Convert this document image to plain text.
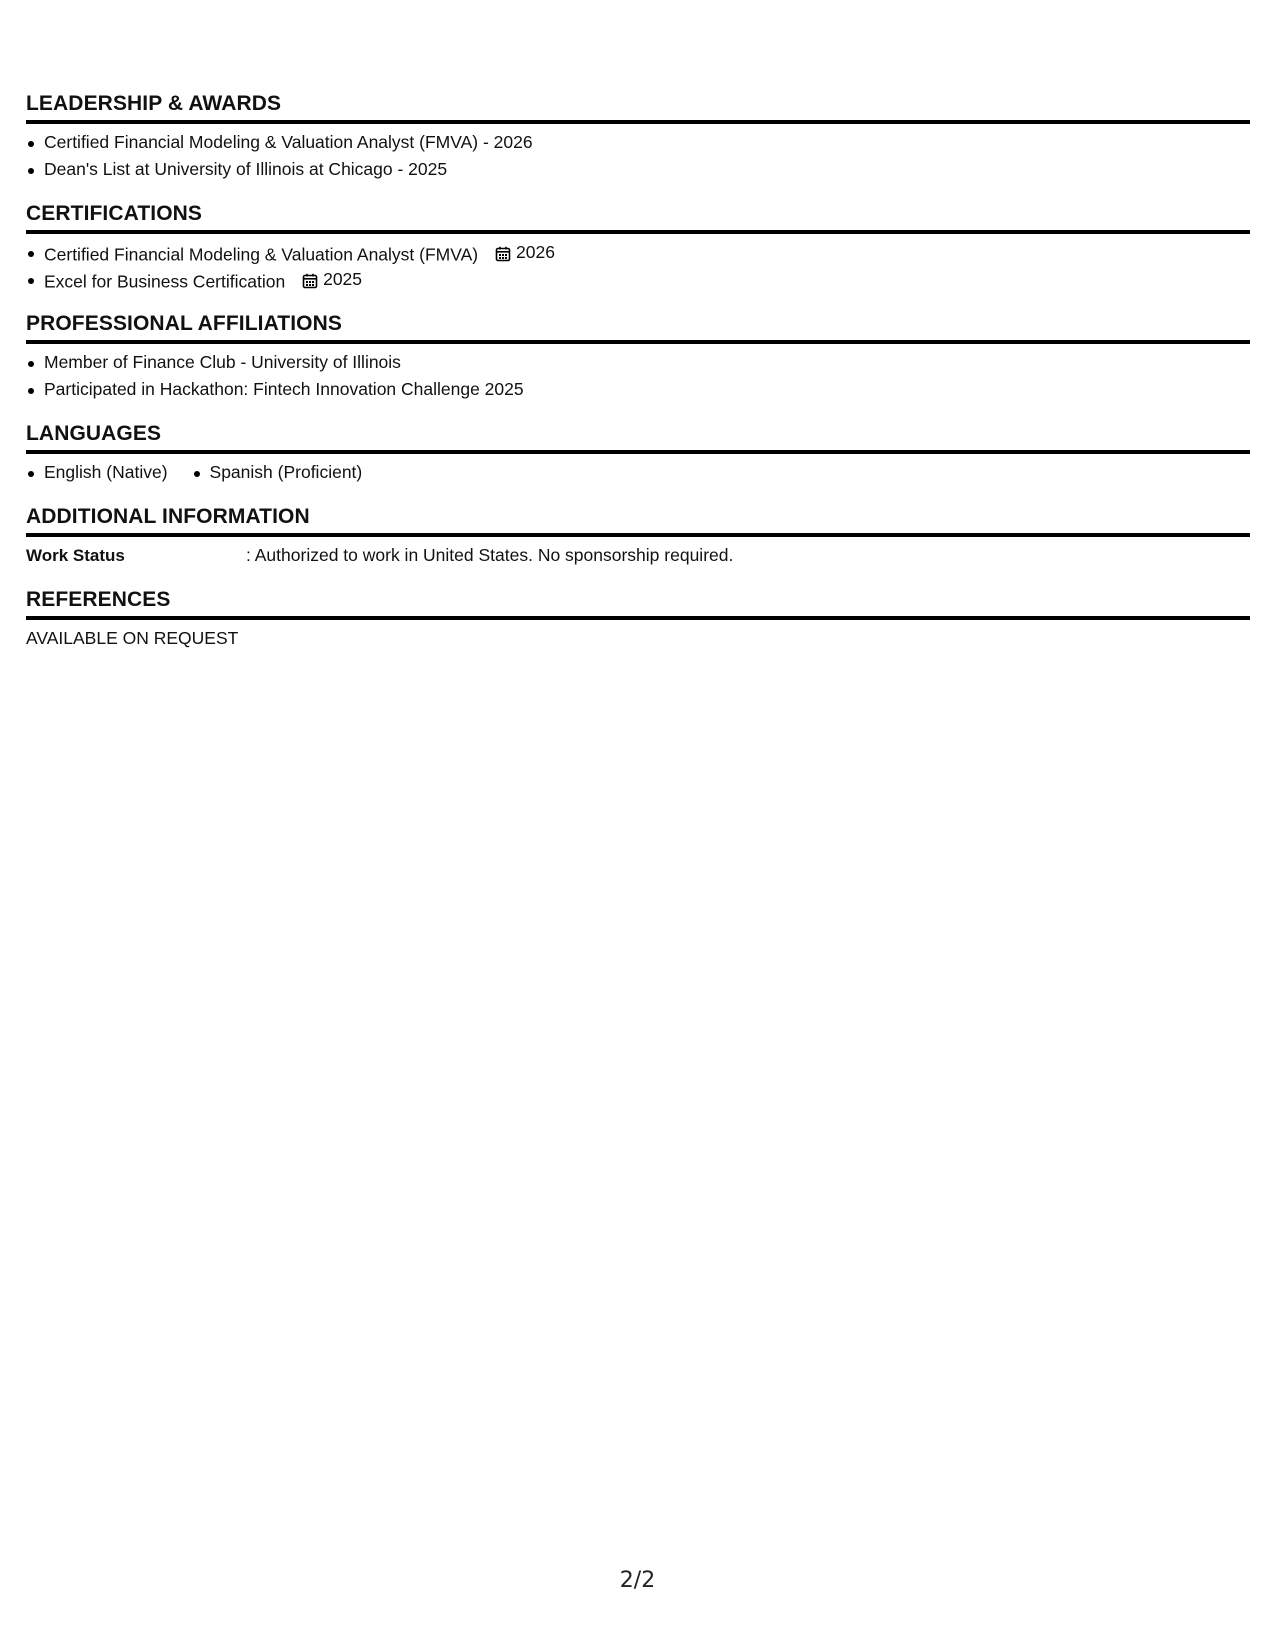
LEADERSHIP & AWARDS
Certified Financial Modeling & Valuation Analyst (FMVA) - 2026
Dean's List at University of Illinois at Chicago - 2025
CERTIFICATIONS
Certified Financial Modeling & Valuation Analyst (FMVA) 2026
Excel for Business Certification 2025
PROFESSIONAL AFFILIATIONS
Member of Finance Club - University of Illinois
Participated in Hackathon: Fintech Innovation Challenge 2025
LANGUAGES
English (Native)	Spanish (Proficient)
ADDITIONAL INFORMATION
Work Status	: Authorized to work in United States. No sponsorship required.
REFERENCES
AVAILABLE ON REQUEST
2/2
